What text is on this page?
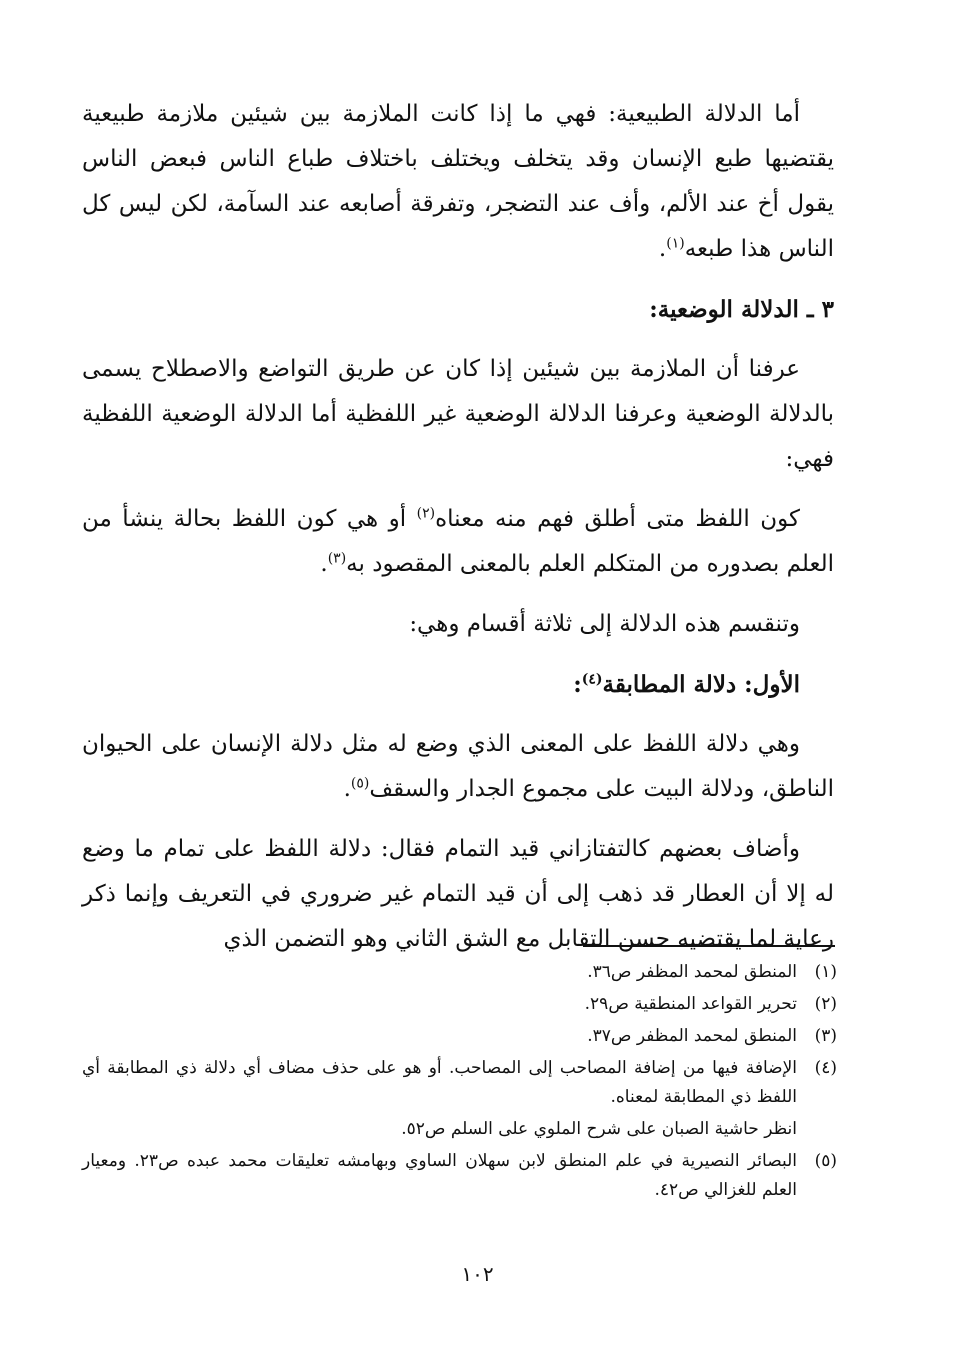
أما الدلالة الطبيعية: فهي ما إذا كانت الملازمة بين شيئين ملازمة طبيعية يقتضيها طبع الإنسان وقد يتخلف ويختلف باختلاف طباع الناس فبعض الناس يقول أخ عند الألم، وأف عند التضجر، وتفرقة أصابعه عند السآمة، لكن ليس كل الناس هذا طبعه$^{(١)}$.

٣ ـ الدلالة الوضعية:

عرفنا أن الملازمة بين شيئين إذا كان عن طريق التواضع والاصطلاح يسمى بالدلالة الوضعية وعرفنا الدلالة الوضعية غير اللفظية أما الدلالة الوضعية اللفظية فهي:

كون اللفظ متى أطلق فهم منه معناه$^{(٢)}$ أو هي كون اللفظ بحالة ينشأ من العلم بصدوره من المتكلم العلم بالمعنى المقصود به$^{(٣)}$.

وتنقسم هذه الدلالة إلى ثلاثة أقسام وهي:

الأول: دلالة المطابقة$^{(٤)}$:

وهي دلالة اللفظ على المعنى الذي وضع له مثل دلالة الإنسان على الحيوان الناطق، ودلالة البيت على مجموع الجدار والسقف$^{(٥)}$.

وأضاف بعضهم كالتفتازاني قيد التمام فقال: دلالة اللفظ على تمام ما وضع له إلا أن العطار قد ذهب إلى أن قيد التمام غير ضروري في التعريف وإنما ذكر رعاية لما يقتضيه حسن التقابل مع الشق الثاني وهو التضمن الذي

(١)
المنطق لمحمد المظفر ص٣٦.
(٢)
تحرير القواعد المنطقية ص٢٩.
(٣)
المنطق لمحمد المظفر ص٣٧.
(٤)
الإضافة فيها من إضافة المصاحب إلى المصاحب. أو هو على حذف مضاف أي دلالة ذي المطابقة أي اللفظ ذي المطابقة لمعناه.
انظر حاشية الصبان على شرح الملوي على السلم ص٥٢.
(٥)
البصائر النصيرية في علم المنطق لابن سهلان الساوي وبهامشه تعليقات محمد عبده ص٢٣. ومعيار العلم للغزالي ص٤٢.
١٠٢
